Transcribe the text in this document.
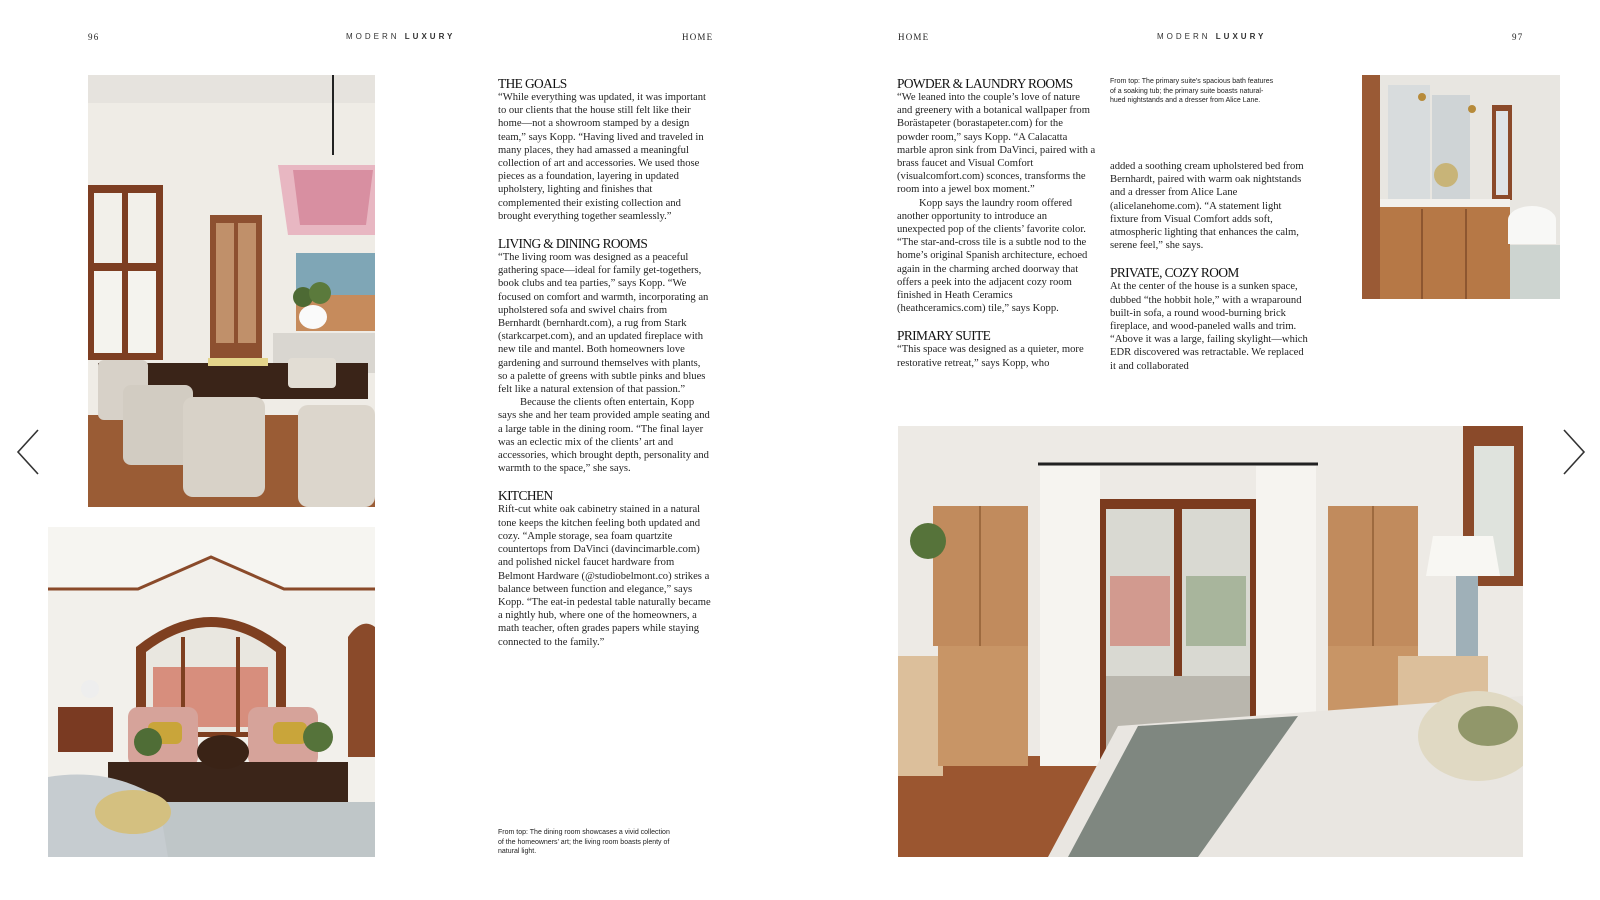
96	MODERN LUXURY	HOME	HOME	MODERN LUXURY	97
THE GOALS

“While everything was updated, it was important to our clients that the house still felt like their home—not a showroom stamped by a design team,” says Kopp. “Having lived and traveled in many places, they had amassed a meaningful collection of art and accessories. We used those pieces as a foundation, layering in updated upholstery, lighting and finishes that complemented their existing collection and brought everything together seamlessly.”

LIVING & DINING ROOMS

“The living room was designed as a peaceful gathering space—ideal for family get-togethers, book clubs and tea parties,” says Kopp. “We focused on comfort and warmth, incorporating an upholstered sofa and swivel chairs from Bernhardt (bernhardt.com), a rug from Stark (starkcarpet.com), and an updated fireplace with new tile and mantel. Both homeowners love gardening and surround themselves with plants, so a palette of greens with subtle pinks and blues felt like a natural extension of that passion.”

Because the clients often entertain, Kopp says she and her team provided ample seating and a large table in the dining room. “The final layer was an eclectic mix of the clients’ art and accessories, which brought depth, personality and warmth to the space,” she says.

KITCHEN

Rift-cut white oak cabinetry stained in a natural tone keeps the kitchen feeling both updated and cozy. “Ample storage, sea foam quartzite countertops from DaVinci (davincimarble.com) and polished nickel faucet hardware from Belmont Hardware (@studiobelmont.co) strikes a balance between function and elegance,” says Kopp. “The eat-in pedestal table naturally became a nightly hub, where one of the homeowners, a math teacher, often grades papers while staying connected to the family.”

From top: The dining room showcases a vivid collection of the homeowners’ art; the living room boasts plenty of natural light.
POWDER & LAUNDRY ROOMS

“We leaned into the couple’s love of nature and greenery with a botanical wallpaper from Borästapeter (borastapeter.com) for the powder room,” says Kopp. “A Calacatta marble apron sink from DaVinci, paired with a brass faucet and Visual Comfort (visualcomfort.com) sconces, transforms the room into a jewel box moment.”

Kopp says the laundry room offered another opportunity to introduce an unexpected pop of the clients’ favorite color. “The star-and-cross tile is a subtle nod to the home’s original Spanish architecture, echoed again in the charming arched doorway that offers a peek into the adjacent cozy room finished in Heath Ceramics (heathceramics.com) tile,” says Kopp.

PRIMARY SUITE

“This space was designed as a quieter, more restorative retreat,” says Kopp, who

From top: The primary suite’s spacious bath features of a soaking tub; the primary suite boasts natural-hued nightstands and a dresser from Alice Lane.

added a soothing cream upholstered bed from Bernhardt, paired with warm oak nightstands and a dresser from Alice Lane (alicelanehome.com). “A statement light fixture from Visual Comfort adds soft, atmospheric lighting that enhances the calm, serene feel,” she says.

PRIVATE, COZY ROOM

At the center of the house is a sunken space, dubbed “the hobbit hole,” with a wraparound built-in sofa, a round wood-burning brick fireplace, and wood-paneled walls and trim. “Above it was a large, failing skylight—which EDR discovered was retractable. We replaced it and collaborated
